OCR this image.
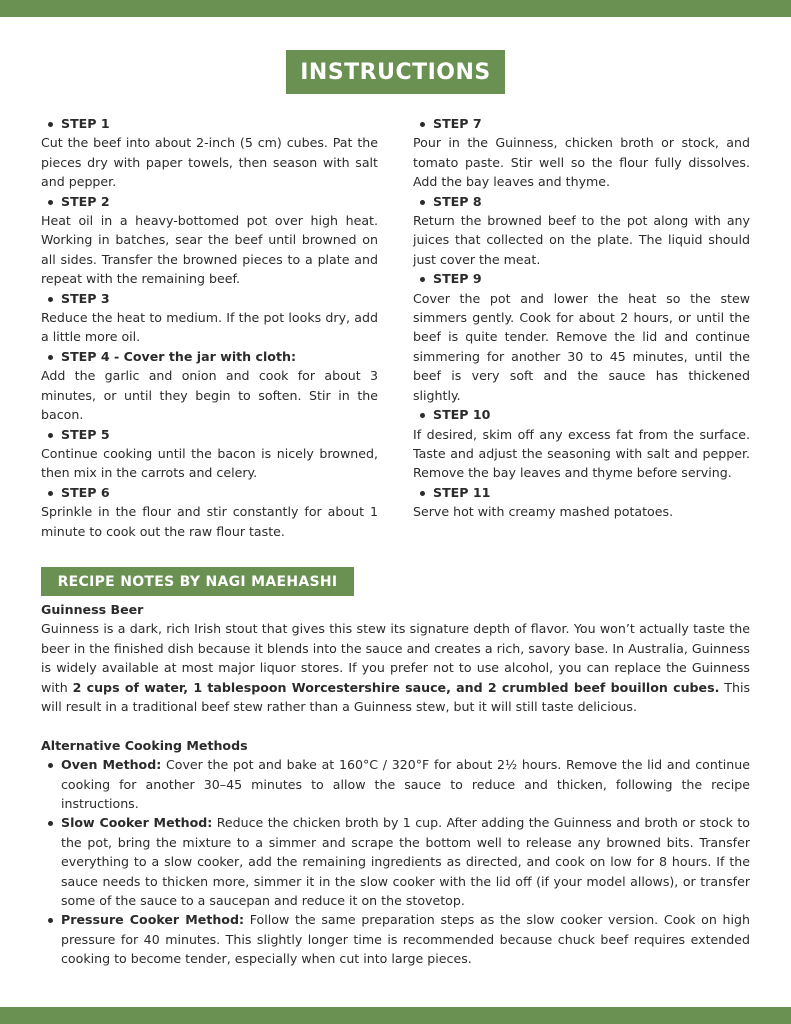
INSTRUCTIONS
STEP 1

Cut the beef into about 2-inch (5 cm) cubes. Pat the pieces dry with paper towels, then season with salt and pepper.

STEP 2

Heat oil in a heavy-bottomed pot over high heat. Working in batches, sear the beef until browned on all sides. Transfer the browned pieces to a plate and repeat with the remaining beef.

STEP 3

Reduce the heat to medium. If the pot looks dry, add a little more oil.

STEP 4 - Cover the jar with cloth:

Add the garlic and onion and cook for about 3 minutes, or until they begin to soften. Stir in the bacon.

STEP 5

Continue cooking until the bacon is nicely browned, then mix in the carrots and celery.

STEP 6

Sprinkle in the flour and stir constantly for about 1 minute to cook out the raw flour taste.

STEP 7

Pour in the Guinness, chicken broth or stock, and tomato paste. Stir well so the flour fully dissolves. Add the bay leaves and thyme.

STEP 8

Return the browned beef to the pot along with any juices that collected on the plate. The liquid should just cover the meat.

STEP 9

Cover the pot and lower the heat so the stew simmers gently. Cook for about 2 hours, or until the beef is quite tender. Remove the lid and continue simmering for another 30 to 45 minutes, until the beef is very soft and the sauce has thickened slightly.

STEP 10

If desired, skim off any excess fat from the surface. Taste and adjust the seasoning with salt and pepper. Remove the bay leaves and thyme before serving.

STEP 11

Serve hot with creamy mashed potatoes.

RECIPE NOTES BY NAGI MAEHASHI

Guinness Beer

Guinness is a dark, rich Irish stout that gives this stew its signature depth of flavor. You won’t actually taste the beer in the finished dish because it blends into the sauce and creates a rich, savory base. In Australia, Guinness is widely available at most major liquor stores. If you prefer not to use alcohol, you can replace the Guinness with 2 cups of water, 1 tablespoon Worcestershire sauce, and 2 crumbled beef bouillon cubes. This will result in a traditional beef stew rather than a Guinness stew, but it will still taste delicious.

Alternative Cooking Methods

Oven Method: Cover the pot and bake at 160°C / 320°F for about 2½ hours. Remove the lid and continue cooking for another 30–45 minutes to allow the sauce to reduce and thicken, following the recipe instructions.
Slow Cooker Method: Reduce the chicken broth by 1 cup. After adding the Guinness and broth or stock to the pot, bring the mixture to a simmer and scrape the bottom well to release any browned bits. Transfer everything to a slow cooker, add the remaining ingredients as directed, and cook on low for 8 hours. If the sauce needs to thicken more, simmer it in the slow cooker with the lid off (if your model allows), or transfer some of the sauce to a saucepan and reduce it on the stovetop.
Pressure Cooker Method: Follow the same preparation steps as the slow cooker version. Cook on high pressure for 40 minutes. This slightly longer time is recommended because chuck beef requires extended cooking to become tender, especially when cut into large pieces.
